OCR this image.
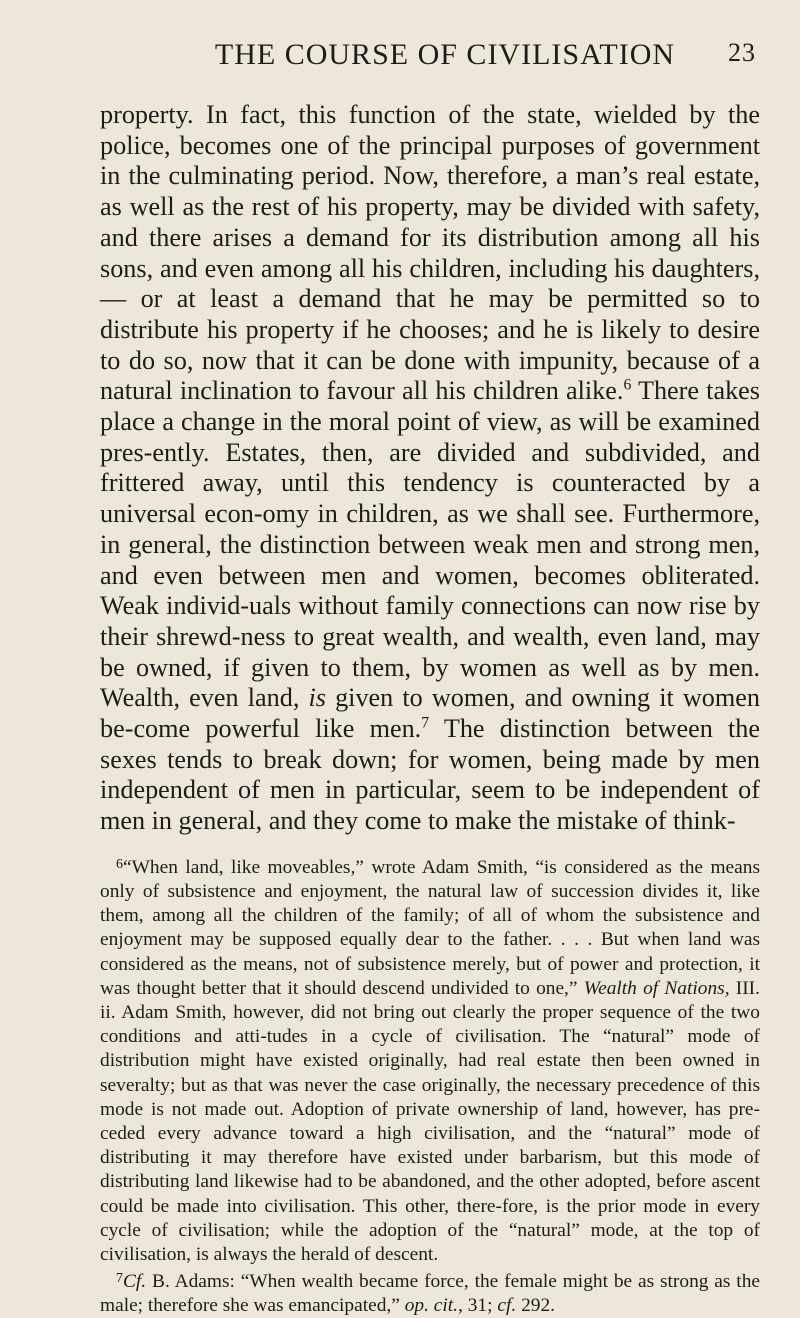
THE COURSE OF CIVILISATION 23

property. In fact, this function of the state, wielded by the police, becomes one of the principal purposes of government in the culminating period. Now, therefore, a man’s real estate, as well as the rest of his property, may be divided with safety, and there arises a demand for its distribution among all his sons, and even among all his children, including his daughters,— or at least a demand that he may be permitted so to distribute his property if he chooses; and he is likely to desire to do so, now that it can be done with impunity, because of a natural inclination to favour all his children alike.$^6$ There takes place a change in the moral point of view, as will be examined pres-ently. Estates, then, are divided and subdivided, and frittered away, until this tendency is counteracted by a universal econ-omy in children, as we shall see. Furthermore, in general, the distinction between weak men and strong men, and even between men and women, becomes obliterated. Weak individ-uals without family connections can now rise by their shrewd-ness to great wealth, and wealth, even land, may be owned, if given to them, by women as well as by men. Wealth, even land, is given to women, and owning it women be-come powerful like men.$^7$ The distinction between the sexes tends to break down; for women, being made by men independent of men in particular, seem to be independent of men in general, and they come to make the mistake of think-

$^6$“When land, like moveables,” wrote Adam Smith, “is considered as the means only of subsistence and enjoyment, the natural law of succession divides it, like them, among all the children of the family; of all of whom the subsistence and enjoyment may be supposed equally dear to the father. . . . But when land was considered as the means, not of subsistence merely, but of power and protection, it was thought better that it should descend undivided to one,” Wealth of Nations, III. ii. Adam Smith, however, did not bring out clearly the proper sequence of the two conditions and atti-tudes in a cycle of civilisation. The “natural” mode of distribution might have existed originally, had real estate then been owned in severalty; but as that was never the case originally, the necessary precedence of this mode is not made out. Adoption of private ownership of land, however, has pre-ceded every advance toward a high civilisation, and the “natural” mode of distributing it may therefore have existed under barbarism, but this mode of distributing land likewise had to be abandoned, and the other adopted, before ascent could be made into civilisation. This other, there-fore, is the prior mode in every cycle of civilisation; while the adoption of the “natural” mode, at the top of civilisation, is always the herald of descent.

$^7$Cf. B. Adams: “When wealth became force, the female might be as strong as the male; therefore she was emancipated,” op. cit., 31; cf. 292.
